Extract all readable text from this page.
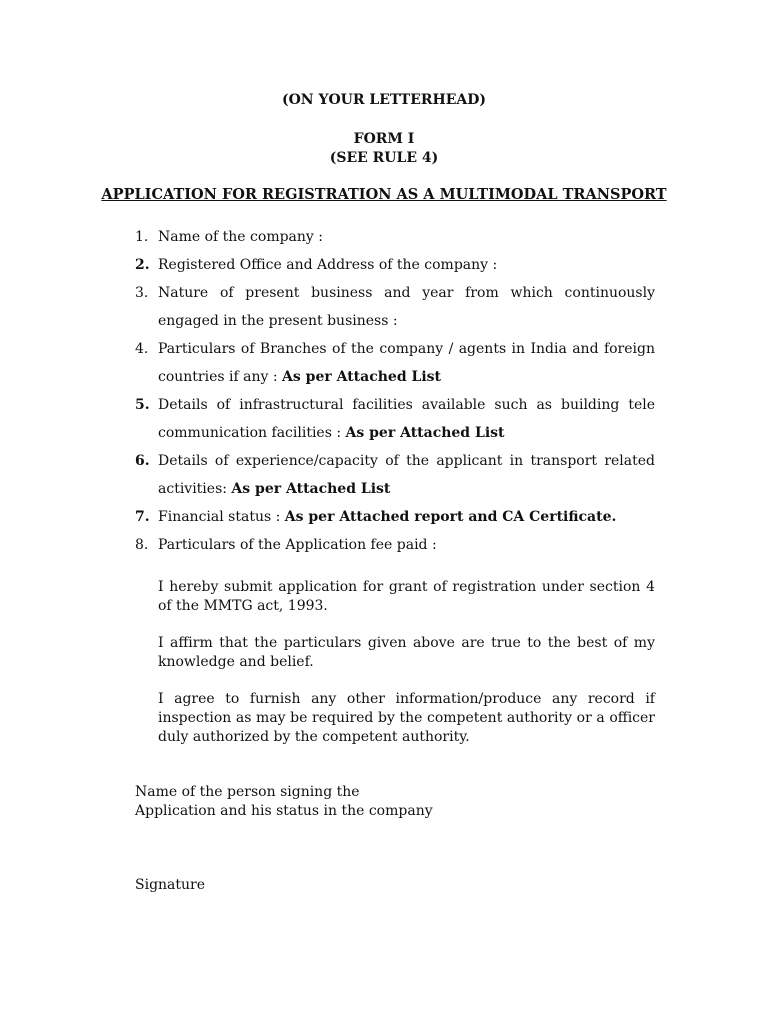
(ON YOUR LETTERHEAD)
FORM I
(SEE RULE 4)
APPLICATION FOR REGISTRATION AS A MULTIMODAL TRANSPORT
1. Name of the company :
2. Registered Office and Address of the company :
3. Nature of present business and year from which continuously engaged in the present business :
4. Particulars of Branches of the company / agents in India and foreign countries if any : As per Attached List
5. Details of infrastructural facilities available such as building tele communication facilities : As per Attached List
6. Details of experience/capacity of the applicant in transport related activities: As per Attached List
7. Financial status : As per Attached report and CA Certificate.
8. Particulars of the Application fee paid :

I hereby submit application for grant of registration under section 4 of the MMTG act, 1993.

I affirm that the particulars given above are true to the best of my knowledge and belief.

I agree to furnish any other information/produce any record if inspection as may be required by the competent authority or a officer duly authorized by the competent authority.

Name of the person signing the
Application and his status in the company
Signature
